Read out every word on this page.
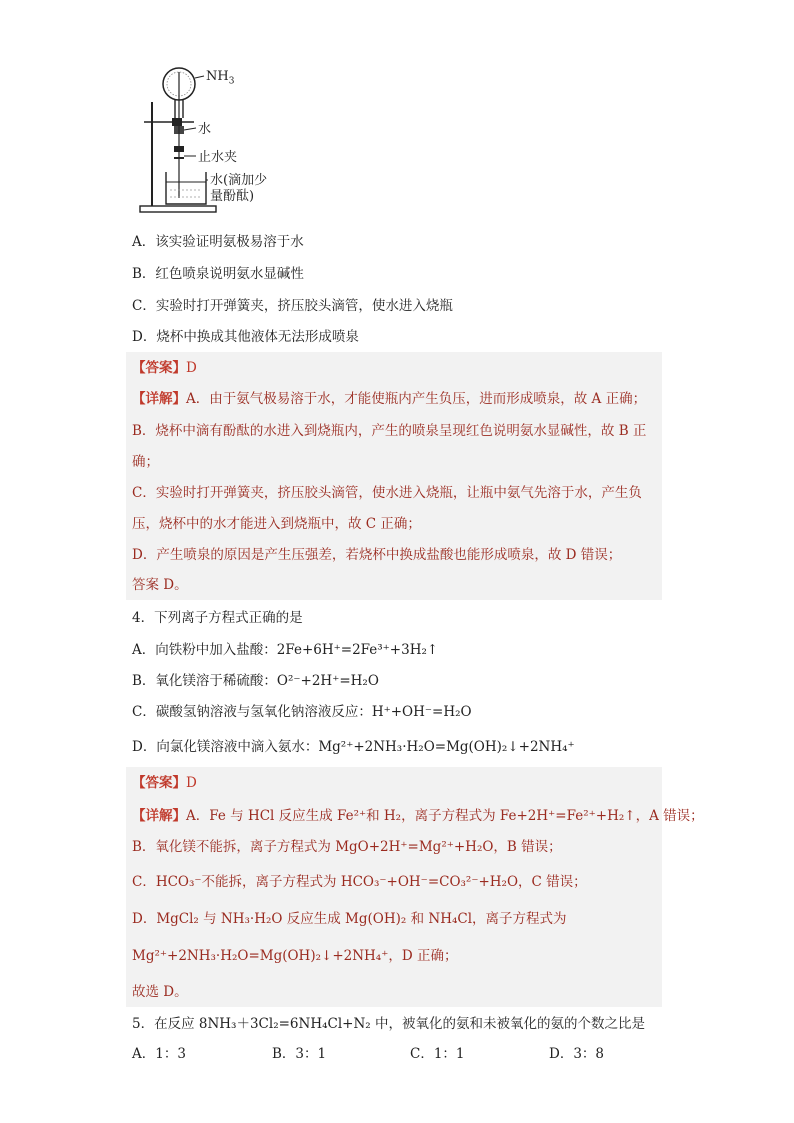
$NH_3$
水
止水夹
水(滴加少
量酚酞)
A．该实验证明氨极易溶于水
B．红色喷泉说明氨水显碱性
C．实验时打开弹簧夹，挤压胶头滴管，使水进入烧瓶
D．烧杯中换成其他液体无法形成喷泉
【答案】D
【详解】A．由于氨气极易溶于水，才能使瓶内产生负压，进而形成喷泉，故 A 正确；
B．烧杯中滴有酚酞的水进入到烧瓶内，产生的喷泉呈现红色说明氨水显碱性，故 B 正
确；
C．实验时打开弹簧夹，挤压胶头滴管，使水进入烧瓶，让瓶中氨气先溶于水，产生负
压，烧杯中的水才能进入到烧瓶中，故 C 正确；
D．产生喷泉的原因是产生压强差，若烧杯中换成盐酸也能形成喷泉，故 D 错误；
答案 D。
4．下列离子方程式正确的是
A．向铁粉中加入盐酸：2Fe+6H⁺=2Fe³⁺+3H₂↑
B．氧化镁溶于稀硫酸：O²⁻+2H⁺=H₂O
C．碳酸氢钠溶液与氢氧化钠溶液反应：H⁺+OH⁻=H₂O
D．向氯化镁溶液中滴入氨水：Mg²⁺+2NH₃·H₂O=Mg(OH)₂↓+2NH₄⁺
【答案】D
【详解】A．Fe 与 HCl 反应生成 Fe²⁺和 H₂，离子方程式为 Fe+2H⁺=Fe²⁺+H₂↑，A 错误；
B．氧化镁不能拆，离子方程式为 MgO+2H⁺=Mg²⁺+H₂O，B 错误；
C．HCO₃⁻不能拆，离子方程式为 HCO₃⁻+OH⁻=CO₃²⁻+H₂O，C 错误；
D．MgCl₂ 与 NH₃·H₂O 反应生成 Mg(OH)₂ 和 NH₄Cl，离子方程式为
Mg²⁺+2NH₃·H₂O=Mg(OH)₂↓+2NH₄⁺，D 正确；
故选 D。
5．在反应 8NH₃＋3Cl₂=6NH₄Cl+N₂ 中，被氧化的氨和未被氧化的氨的个数之比是
A．1：3	B．3：1	C．1：1	D．3：8
